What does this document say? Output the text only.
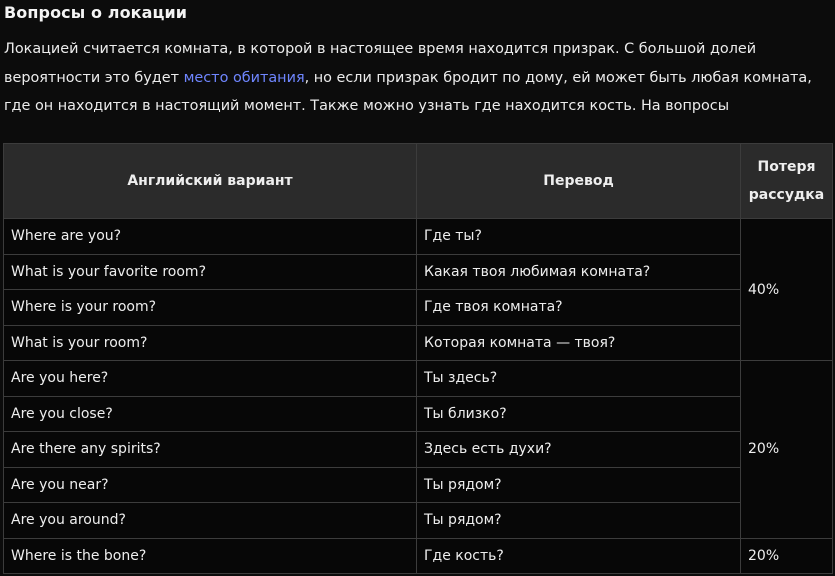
Вопросы о локации

Локацией считается комната, в которой в настоящее время находится призрак. С большой долей вероятности это будет место обитания, но если призрак бродит по дому, ей может быть любая комната, где он находится в настоящий момент. Также можно узнать где находится кость. На вопросы

Английский вариант	Перевод	Потеря рассудка
Where are you?	Где ты?	40%
What is your favorite room?	Какая твоя любимая комната?	
Where is your room?	Где твоя комната?	
What is your room?	Которая комната — твоя?	
Are you here?	Ты здесь?	20%
Are you close?	Ты близко?	
Are there any spirits?	Здесь есть духи?	
Are you near?	Ты рядом?	
Are you around?	Ты рядом?	
Where is the bone?	Где кость?	20%
